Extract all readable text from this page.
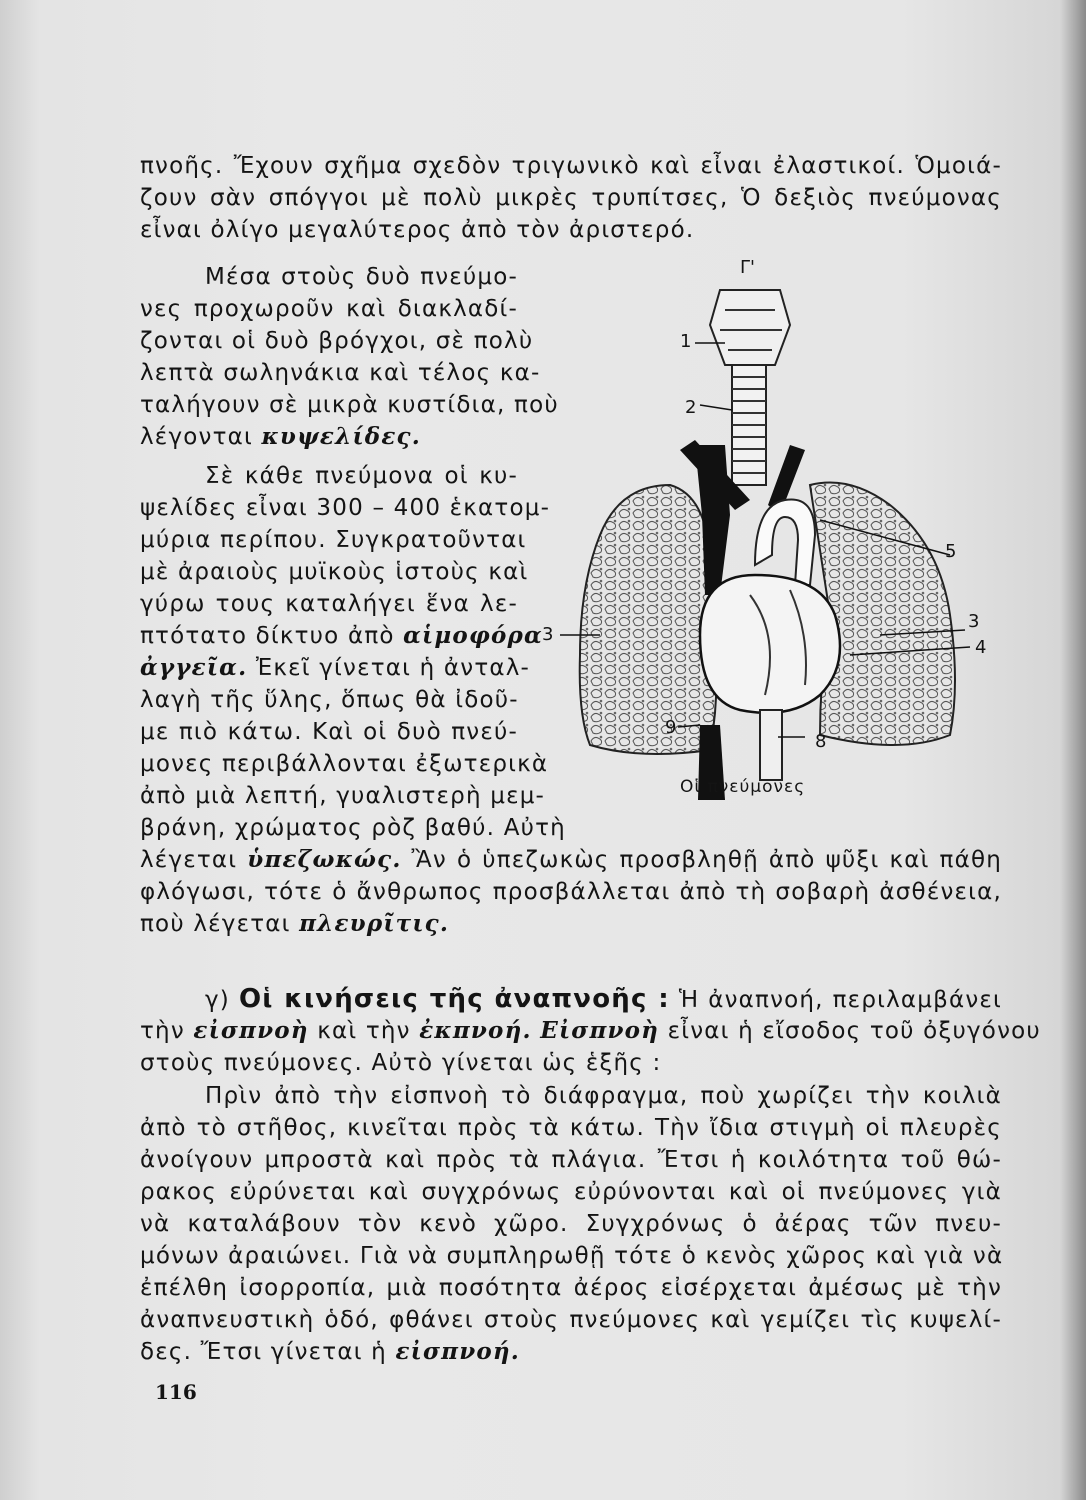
πνοῆς. Ἔχουν σχῆμα σχεδὸν τριγωνικὸ καὶ εἶναι ἐλαστικοί. Ὁμοιά-
ζουν σὰν σπόγγοι μὲ πολὺ μικρὲς τρυπίτσες, Ὁ δεξιὸς πνεύμονας
εἶναι ὀλίγο μεγαλύτερος ἀπὸ τὸν ἀριστερό.
Μέσα στοὺς δυὸ πνεύμο-
νες προχωροῦν καὶ διακλαδί-
ζονται οἱ δυὸ βρόγχοι, σὲ πολὺ
λεπτὰ σωληνάκια καὶ τέλος κα-
ταλήγουν σὲ μικρὰ κυστίδια, ποὺ
λέγονται κυψελίδες.
Σὲ κάθε πνεύμονα οἱ κυ-
ψελίδες εἶναι 300 – 400 ἑκατομ-
μύρια περίπου. Συγκρατοῦνται
μὲ ἀραιοὺς μυϊκοὺς ἱστοὺς καὶ
γύρω τους καταλήγει ἕνα λε-
πτότατο δίκτυο ἀπὸ αἱμοφόρα
ἀγγεῖα. Ἐκεῖ γίνεται ἡ ἀνταλ-
λαγὴ τῆς ὕλης, ὅπως θὰ ἰδοῦ-
με πιὸ κάτω. Καὶ οἱ δυὸ πνεύ-
μονες περιβάλλονται ἐξωτερικὰ
ἀπὸ μιὰ λεπτή, γυαλιστερὴ μεμ-
βράνη, χρώματος ρὸζ βαθύ. Αὐτὴ
λέγεται ὑπεζωκώς. Ἂν ὁ ὑπεζωκὼς προσβληθῇ ἀπὸ ψῦξι καὶ πάθη
φλόγωσι, τότε ὁ ἄνθρωπος προσβάλλεται ἀπὸ τὴ σοβαρὴ ἀσθένεια,
ποὺ λέγεται πλευρῖτις.
γ) Οἱ κινήσεις τῆς ἀναπνοῆς : Ἡ ἀναπνοή, περιλαμβάνει
τὴν εἰσπνοὴ καὶ τὴν ἐκπνοή. Εἰσπνοὴ εἶναι ἡ εἴσοδος τοῦ ὀξυγόνου
στοὺς πνεύμονες. Αὐτὸ γίνεται ὡς ἑξῆς :
Πρὶν ἀπὸ τὴν εἰσπνοὴ τὸ διάφραγμα, ποὺ χωρίζει τὴν κοιλιὰ
ἀπὸ τὸ στῆθος, κινεῖται πρὸς τὰ κάτω. Τὴν ἴδια στιγμὴ οἱ πλευρὲς
ἀνοίγουν μπροστὰ καὶ πρὸς τὰ πλάγια. Ἔτσι ἡ κοιλότητα τοῦ θώ-
ρακος εὐρύνεται καὶ συγχρόνως εὐρύνονται καὶ οἱ πνεύμονες γιὰ
νὰ καταλάβουν τὸν κενὸ χῶρο. Συγχρόνως ὁ ἀέρας τῶν πνευ-
μόνων ἀραιώνει. Γιὰ νὰ συμπληρωθῇ τότε ὁ κενὸς χῶρος καὶ γιὰ νὰ
ἐπέλθη ἰσορροπία, μιὰ ποσότητα ἀέρος εἰσέρχεται ἀμέσως μὲ τὴν
ἀναπνευστικὴ ὁδό, φθάνει στοὺς πνεύμονες καὶ γεμίζει τὶς κυψελί-
δες. Ἔτσι γίνεται ἡ εἰσπνοή.
Γ'
1
2
3
5
3
4
8
9
Οἱ πνεύμονες
116
